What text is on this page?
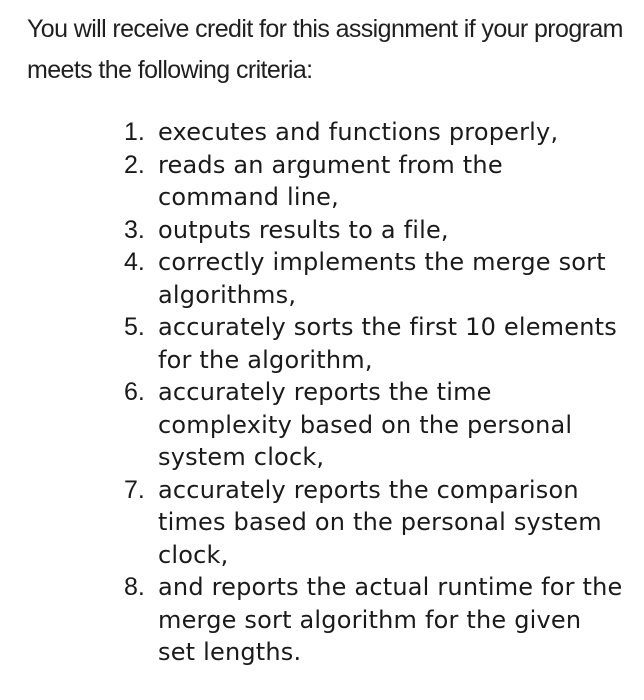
You will receive credit for this assignment if your program meets the following criteria:

1. executes and functions properly,
2. reads an argument from the command line,
3. outputs results to a file,
4. correctly implements the merge sort algorithms,
5. accurately sorts the first 10 elements for the algorithm,
6. accurately reports the time complexity based on the personal system clock,
7. accurately reports the comparison times based on the personal system clock,
8. and reports the actual runtime for the merge sort algorithm for the given set lengths.
